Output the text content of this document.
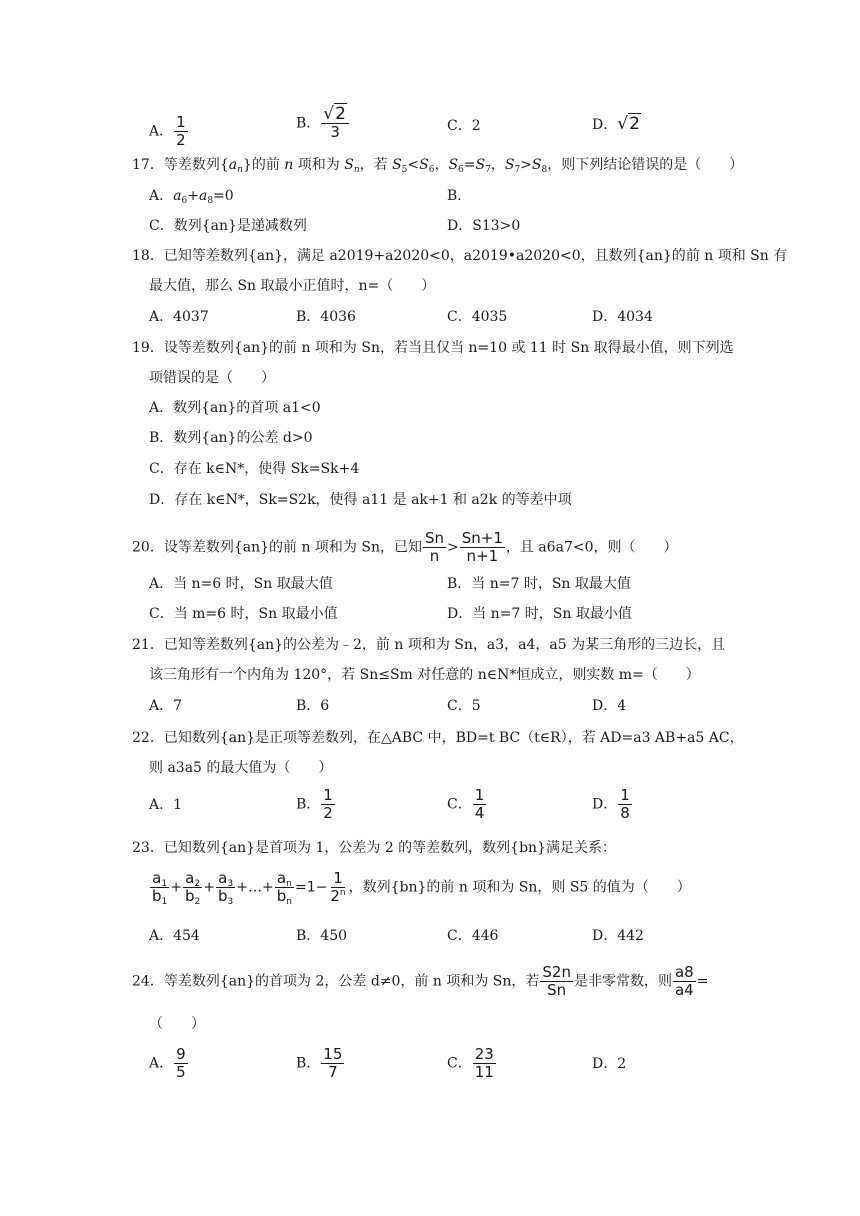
A． $\frac{1}{2}$	B． $\frac{√2}{3}$	C．2	D．√2
17．等差数列$\{a_n\}$的前 n 项和为 $S_n$，若 $S_5<S_6$，$S_6=S_7$，$S_7>S_8$，则下列结论错误的是（　　）
A．$a_6+a_8=0$	B．
C．数列{an}是递减数列	D．S13>0
18．已知等差数列{an}，满足 a2019+a2020<0，a2019•a2020<0，且数列{an}的前 n 项和 Sn 有
最大值，那么 Sn 取最小正值时，n=（　　）
A．4037	B．4036	C．4035	D．4034
19．设等差数列{an}的前 n 项和为 Sn，若当且仅当 n=10 或 11 时 Sn 取得最小值，则下列选
项错误的是（　　）
A．数列{an}的首项 a1<0
B．数列{an}的公差 d>0
C．存在 k∈N*，使得 Sk=Sk+4
D．存在 k∈N*，Sk=S2k，使得 a11 是 ak+1 和 a2k 的等差中项
20．设等差数列{an}的前 n 项和为 Sn，已知 $\frac{Sn}{n} > \frac{Sn+1}{n+1}$ ，且 a6a7<0，则（　　）
A．当 n=6 时，Sn 取最大值	B．当 n=7 时，Sn 取最大值
C．当 m=6 时，Sn 取最小值	D．当 n=7 时，Sn 取最小值
21．已知等差数列{an}的公差为﹣2，前 n 项和为 Sn，a3，a4，a5 为某三角形的三边长，且
该三角形有一个内角为 120°，若 Sn≤Sm 对任意的 n∈N*恒成立，则实数 m=（　　）
A．7	B．6	C．5	D．4
22．已知数列{an}是正项等差数列，在△ABC 中，BD=t BC（t∈R），若 AD=a3 AB+a5 AC，
则 a3a5 的最大值为（　　）
A．1	B． $\frac{1}{2}$	C． $\frac{1}{4}$	D． $\frac{1}{8}$
23．已知数列{an}是首项为 1，公差为 2 的等差数列，数列{bn}满足关系：
$\frac{a_1}{b_1} + \frac{a_2}{b_2} + \frac{a_3}{b_3}$ +…+ $\frac{a_n}{b_n} =1- \frac{1}{2^n}$ ，数列{bn}的前 n 项和为 Sn，则 S5 的值为（　　）
A．454	B．450	C．446	D．442
24．等差数列{an}的首项为 2，公差 d≠0，前 n 项和为 Sn，若 $\frac{S2n}{Sn}$ 是非零常数，则 $\frac{a8}{a4}$ =
（　　）
A． $\frac{9}{5}$	B． $\frac{15}{7}$	C． $\frac{23}{11}$	D．2
